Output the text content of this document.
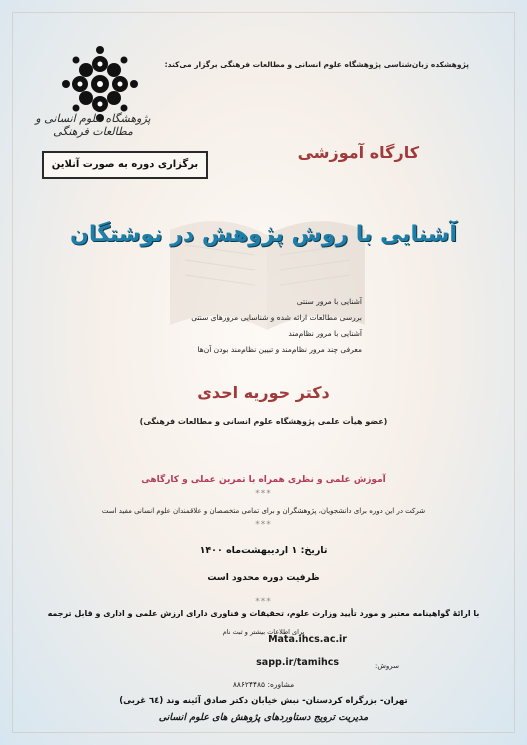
پژوهشگاه علوم انسانی و مطالعات فرهنگی
پژوهشکده زبان‌شناسی پژوهشگاه علوم انسانی و مطالعات فرهنگی برگزار می‌کند:
کارگاه آموزشی
برگزاری دوره به صورت آنلاین
آشنایی با روش پژوهش در نوشتگان
آشنایی با مرور سنتی
بررسی مطالعات ارائه شده و شناسایی مرورهای سنتی
آشنایی با مرور نظام‌مند
معرفی چند مرور نظام‌مند و تبیین نظام‌مند بودن آن‌ها
دکتر حوریه احدی
(عضو هیأت علمی پژوهشگاه علوم انسانی و مطالعات فرهنگی)
آموزش علمی و نظری همراه با تمرین عملی و کارگاهی
***
شرکت در این دوره برای دانشجویان، پژوهشگران و برای تمامی متخصصان و علاقمندان علوم انسانی مفید است
***
تاریخ: ۱ اردیبهشت‌ماه ۱۴۰۰
ظرفیت دوره محدود است
***
با ارائهٔ گواهینامه معتبر و مورد تأیید وزارت علوم، تحقیقات و فناوری دارای ارزش علمی و اداری و قابل ترجمه
برای اطلاعات بیشتر و ثبت نام
Mata.ihcs.ac.ir
سروش:
sapp.ir/tamihcs
مشاوره: ۸۸۶۲۴۴۸۵
تهران- بزرگراه کردستان- نبش خیابان دکتر صادق آئینه وند (٦٤ غربی)
مدیریت ترویج دستاوردهای پژوهش های علوم انسانی
